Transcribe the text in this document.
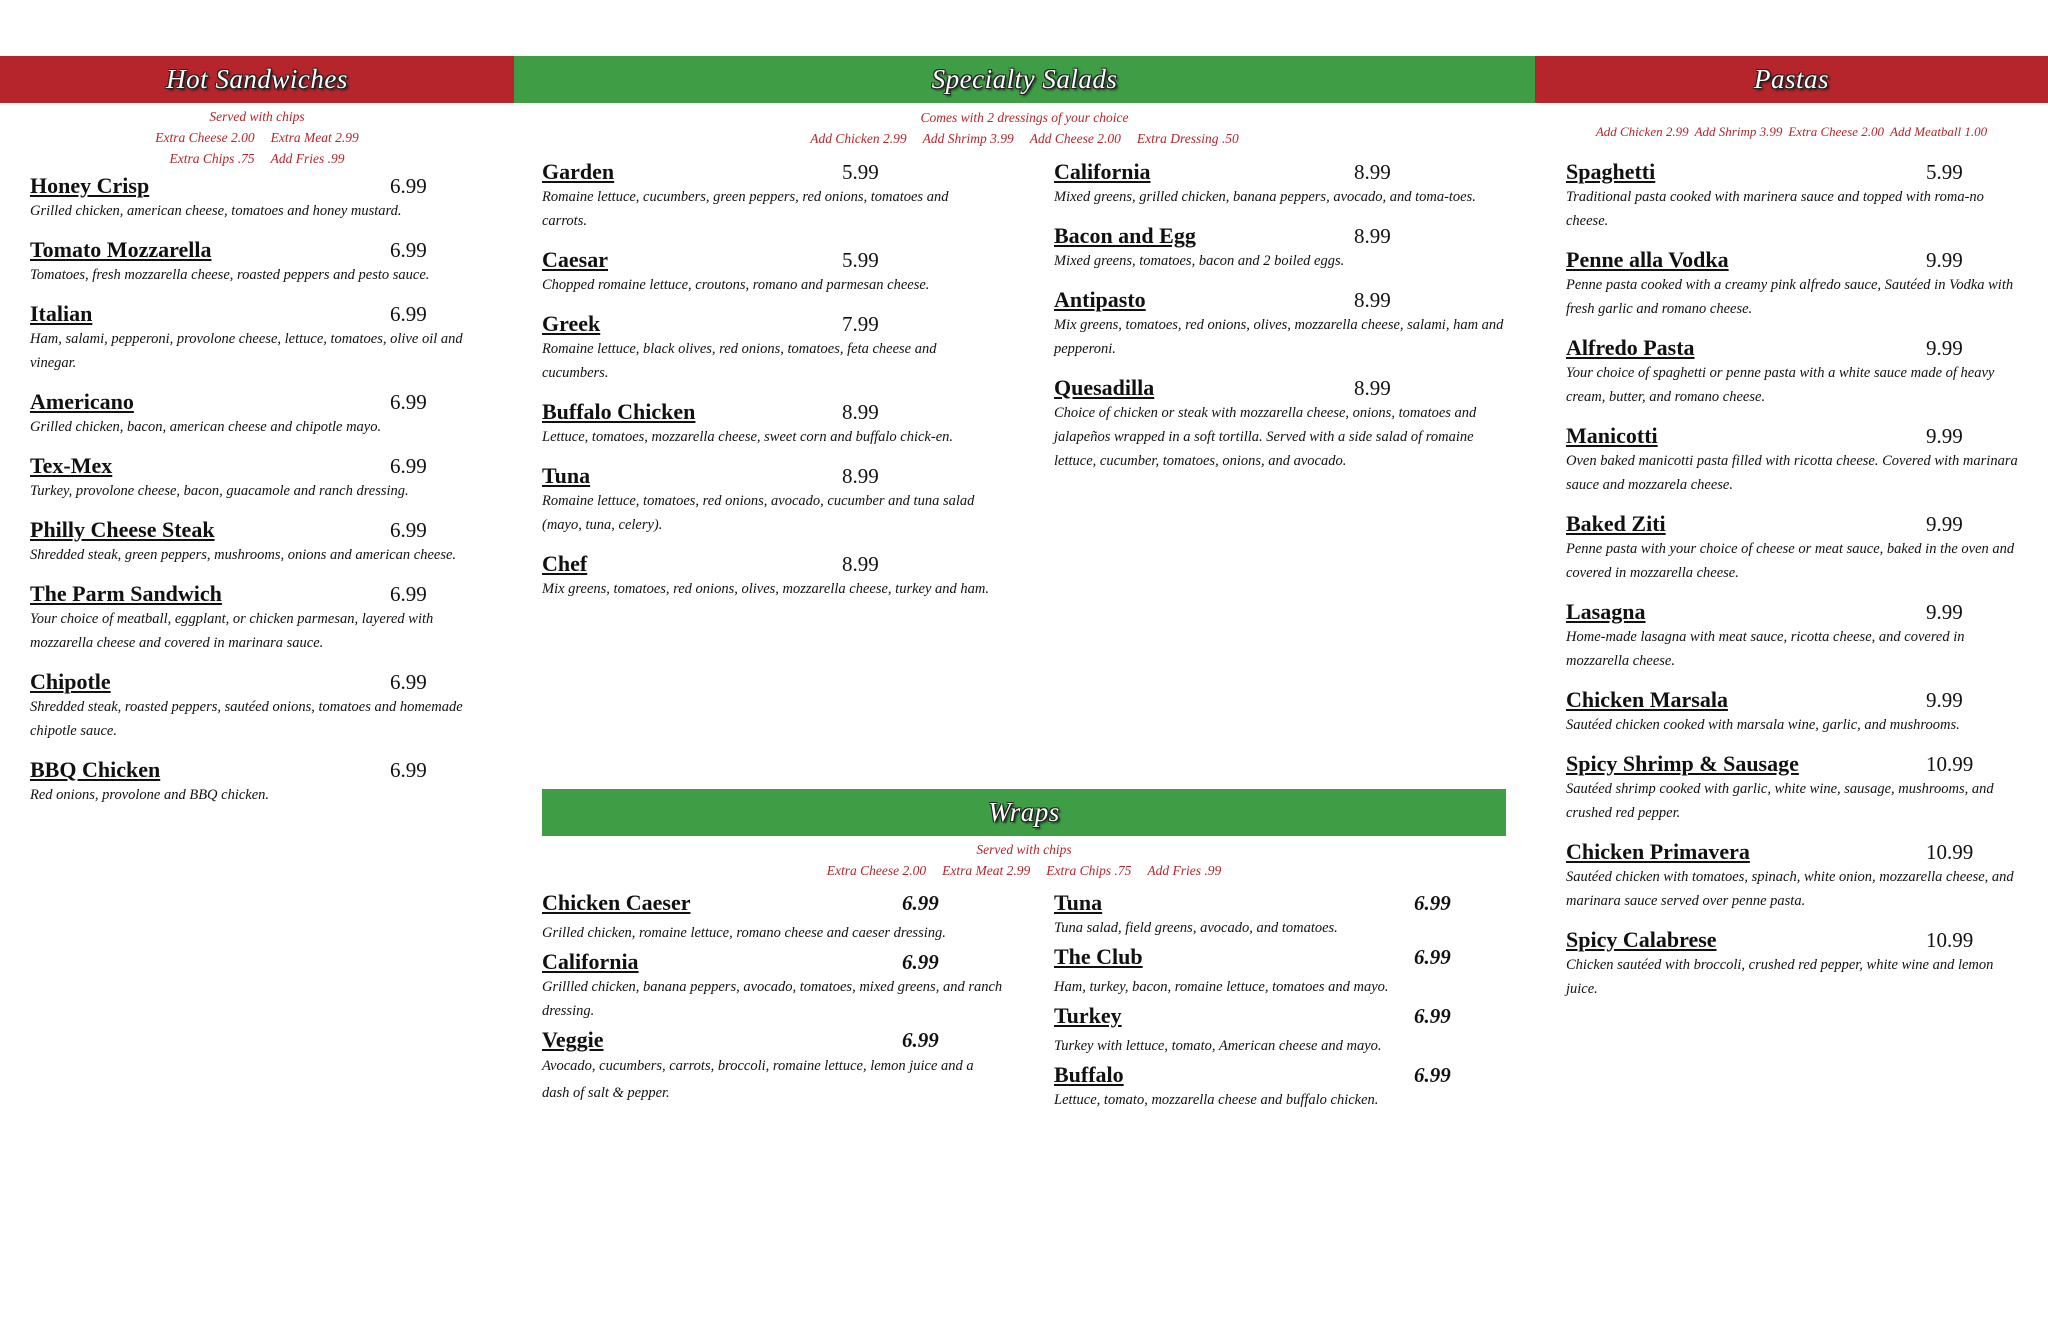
Hot Sandwiches	Specialty Salads	Pastas
Wraps
Served with chips
Extra Cheese 2.00 Extra Meat 2.99
Extra Chips .75 Add Fries .99
Comes with 2 dressings of your choice
Add Chicken 2.99 Add Shrimp 3.99 Add Cheese 2.00 Extra Dressing .50	Add Chicken 2.99 Add Shrimp 3.99 Extra Cheese 2.00 Add Meatball 1.00
Served with chips
Extra Cheese 2.00 Extra Meat 2.99 Extra Chips .75 Add Fries .99
Honey Crisp	6.99
Grilled chicken, american cheese, tomatoes and honey mustard.
Tomato Mozzarella	6.99
Tomatoes, fresh mozzarella cheese, roasted peppers and pesto sauce.
Italian	6.99
Ham, salami, pepperoni, provolone cheese, lettuce, tomatoes, olive oil and vinegar.
Americano	6.99
Grilled chicken, bacon, american cheese and chipotle mayo.
Tex-Mex	6.99
Turkey, provolone cheese, bacon, guacamole and ranch dressing.
Philly Cheese Steak	6.99
Shredded steak, green peppers, mushrooms, onions and american cheese.
The Parm Sandwich	6.99
Your choice of meatball, eggplant, or chicken parmesan, layered with mozzarella cheese and covered in marinara sauce.
Chipotle	6.99
Shredded steak, roasted peppers, sautéed onions, tomatoes and homemade chipotle sauce.
BBQ Chicken	6.99
Red onions, provolone and BBQ chicken.
Garden	5.99
Romaine lettuce, cucumbers, green peppers, red onions, tomatoes and carrots.
Caesar	5.99
Chopped romaine lettuce, croutons, romano and parmesan cheese.
Greek	7.99
Romaine lettuce, black olives, red onions, tomatoes, feta cheese and cucumbers.
Buffalo Chicken	8.99
Lettuce, tomatoes, mozzarella cheese, sweet corn and buffalo chick-en.
Tuna	8.99
Romaine lettuce, tomatoes, red onions, avocado, cucumber and tuna salad (mayo, tuna, celery).
Chef	8.99
Mix greens, tomatoes, red onions, olives, mozzarella cheese, turkey and ham.
California	8.99
Mixed greens, grilled chicken, banana peppers, avocado, and toma-toes.
Bacon and Egg	8.99
Mixed greens, tomatoes, bacon and 2 boiled eggs.
Antipasto	8.99
Mix greens, tomatoes, red onions, olives, mozzarella cheese, salami, ham and pepperoni.
Quesadilla	8.99
Choice of chicken or steak with mozzarella cheese, onions, tomatoes and jalapeños wrapped in a soft tortilla. Served with a side salad of romaine lettuce, cucumber, tomatoes, onions, and avocado.
Chicken Caeser	6.99
Grilled chicken, romaine lettuce, romano cheese and caeser dressing.
California	6.99
Grillled chicken, banana peppers, avocado, tomatoes, mixed greens, and ranch dressing.
Veggie	6.99
Avocado, cucumbers, carrots, broccoli, romaine lettuce, lemon juice and a dash of salt & pepper.
Tuna	6.99
Tuna salad, field greens, avocado, and tomatoes.
The Club	6.99
Ham, turkey, bacon, romaine lettuce, tomatoes and mayo.
Turkey	6.99
Turkey with lettuce, tomato, American cheese and mayo.
Buffalo	6.99
Lettuce, tomato, mozzarella cheese and buffalo chicken.
Spaghetti	5.99
Traditional pasta cooked with marinera sauce and topped with roma-no cheese.
Penne alla Vodka	9.99
Penne pasta cooked with a creamy pink alfredo sauce, Sautéed in Vodka with fresh garlic and romano cheese.
Alfredo Pasta	9.99
Your choice of spaghetti or penne pasta with a white sauce made of heavy cream, butter, and romano cheese.
Manicotti	9.99
Oven baked manicotti pasta filled with ricotta cheese. Covered with marinara sauce and mozzarela cheese.
Baked Ziti	9.99
Penne pasta with your choice of cheese or meat sauce, baked in the oven and covered in mozzarella cheese.
Lasagna	9.99
Home-made lasagna with meat sauce, ricotta cheese, and covered in mozzarella cheese.
Chicken Marsala	9.99
Sautéed chicken cooked with marsala wine, garlic, and mushrooms.
Spicy Shrimp & Sausage	10.99
Sautéed shrimp cooked with garlic, white wine, sausage, mushrooms, and crushed red pepper.
Chicken Primavera	10.99
Sautéed chicken with tomatoes, spinach, white onion, mozzarella cheese, and marinara sauce served over penne pasta.
Spicy Calabrese	10.99
Chicken sautéed with broccoli, crushed red pepper, white wine and lemon juice.
